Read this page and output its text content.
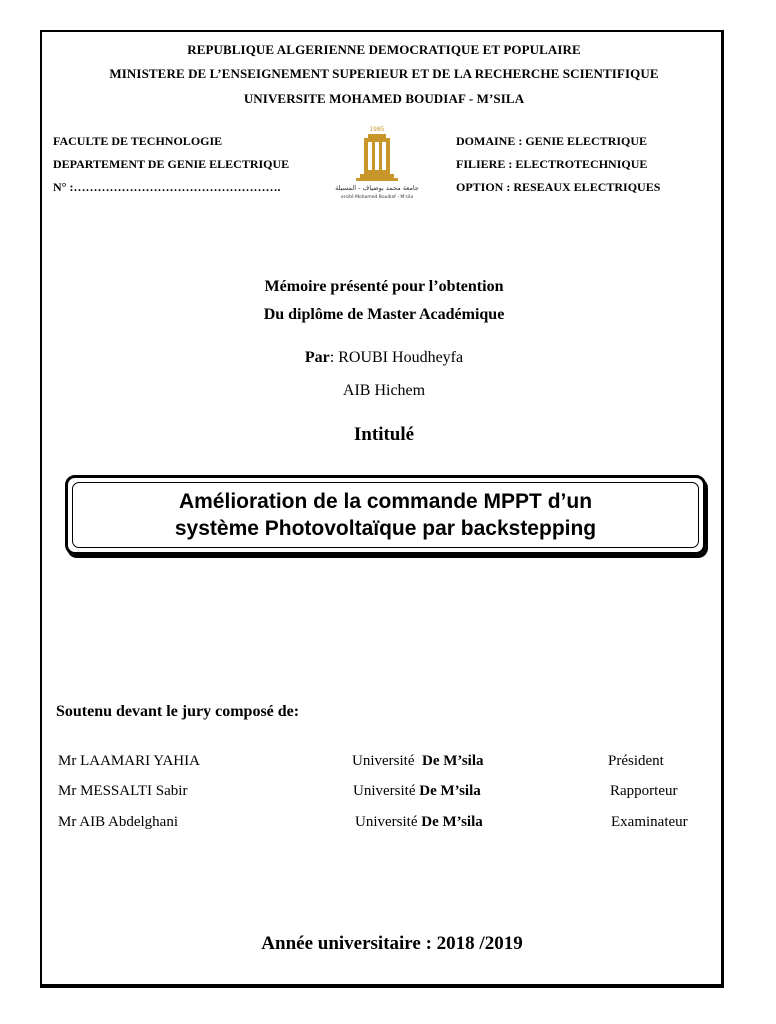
REPUBLIQUE ALGERIENNE DEMOCRATIQUE ET POPULAIRE
MINISTERE DE L’ENSEIGNEMENT SUPERIEUR ET DE LA RECHERCHE SCIENTIFIQUE
UNIVERSITE MOHAMED BOUDIAF - M’SILA
FACULTE DE TECHNOLOGIE
DEPARTEMENT DE GENIE ELECTRIQUE
N° :…………………………………………….
1985
جامعة محمد بوضياف - المسيلة
ersité Mohamed Boudiaf - M'sila
DOMAINE : GENIE ELECTRIQUE
FILIERE : ELECTROTECHNIQUE
OPTION : RESEAUX ELECTRIQUES
Mémoire présenté pour l’obtention
Du diplôme de Master Académique
Par: ROUBI Houdheyfa
AIB Hichem
Intitulé
Amélioration de la commande MPPT d’un
système Photovoltaïque par backstepping
Soutenu devant le jury composé de:
Mr LAAMARI YAHIA	Université De M’sila	Président
Mr MESSALTI Sabir	Université De M’sila	Rapporteur
Mr AIB Abdelghani	Université De M’sila	Examinateur
Année universitaire : 2018 /2019
